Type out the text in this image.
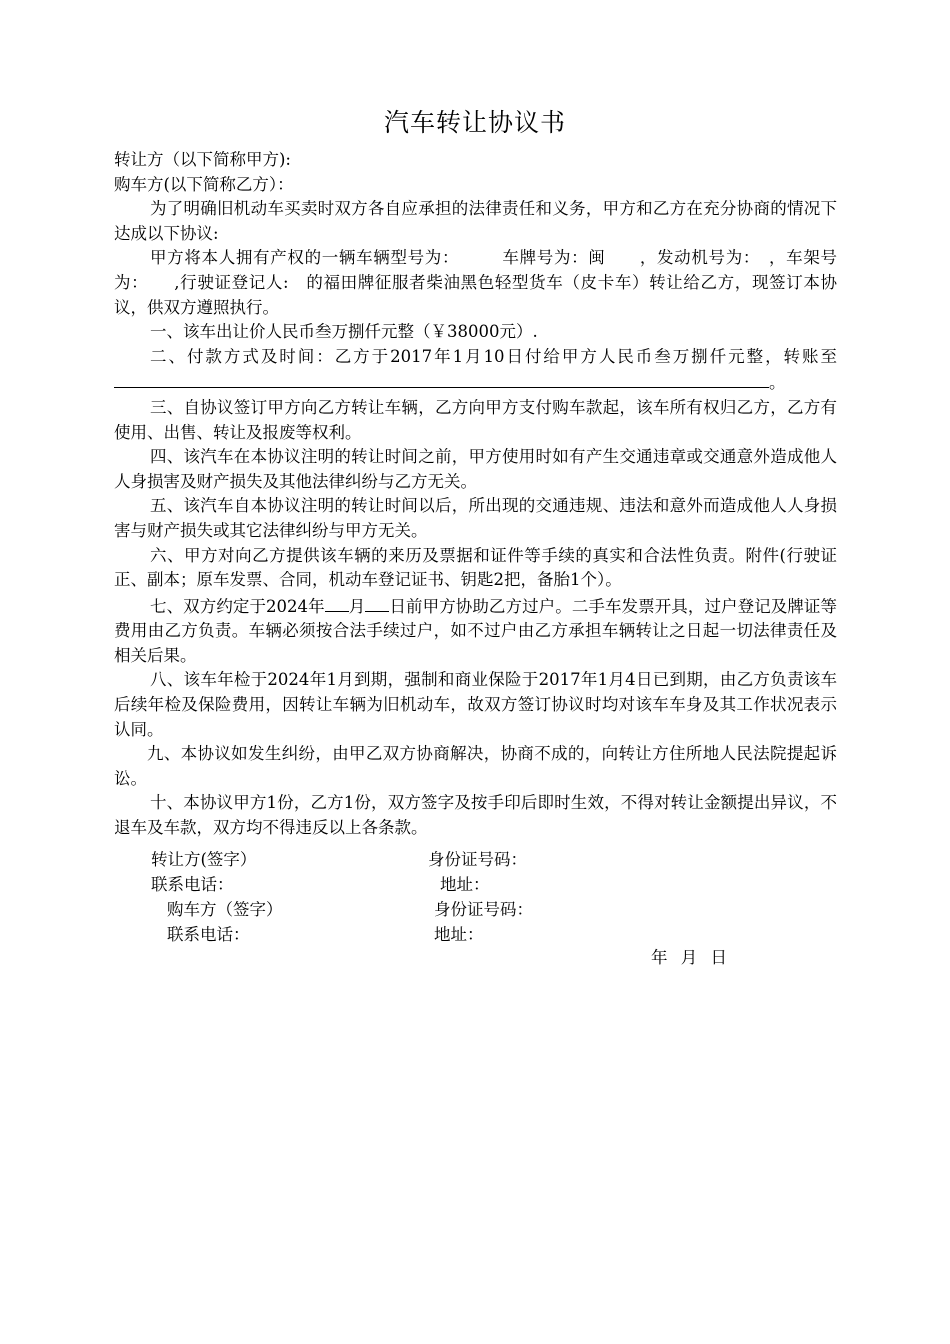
汽车转让协议书

转让方（以下简称甲方):

购车方(以下简称乙方）：

为了明确旧机动车买卖时双方各自应承担的法律责任和义务，甲方和乙方在充分协商的情况下达成以下协议:

甲方将本人拥有产权的一辆车辆型号为：　　　车牌号为：闽　　，发动机号为：　，车架号为：　　,行驶证登记人:　的福田牌征服者柴油黑色轻型货车（皮卡车）转让给乙方，现签订本协议，供双方遵照执行。

一、该车出让价人民币叁万捌仟元整（￥38000元）.

二、付款方式及时间：乙方于2017年1月10日付给甲方人民币叁万捌仟元整，转账至。

三、自协议签订甲方向乙方转让车辆，乙方向甲方支付购车款起，该车所有权归乙方，乙方有使用、出售、转让及报废等权利。

四、该汽车在本协议注明的转让时间之前，甲方使用时如有产生交通违章或交通意外造成他人人身损害及财产损失及其他法律纠纷与乙方无关。

五、该汽车自本协议注明的转让时间以后，所出现的交通违规、违法和意外而造成他人人身损害与财产损失或其它法律纠纷与甲方无关。

六、甲方对向乙方提供该车辆的来历及票据和证件等手续的真实和合法性负责。附件(行驶证正、副本；原车发票、合同，机动车登记证书、钥匙2把，备胎1个）。

七、双方约定于2024年 月 日前甲方协助乙方过户。二手车发票开具，过户登记及牌证等费用由乙方负责。车辆必须按合法手续过户，如不过户由乙方承担车辆转让之日起一切法律责任及相关后果。

八、该车年检于2024年1月到期，强制和商业保险于2017年1月4日已到期，由乙方负责该车后续年检及保险费用，因转让车辆为旧机动车，故双方签订协议时均对该车车身及其工作状况表示认同。

九、本协议如发生纠纷，由甲乙双方协商解决，协商不成的，向转让方住所地人民法院提起诉讼。

十、本协议甲方1份，乙方1份，双方签字及按手印后即时生效，不得对转让金额提出异议，不退车及车款，双方均不得违反以上各条款。

转让方(签字）	身份证号码：
联系电话：	地址：
购车方（签字）	身份证号码：
联系电话：	地址：
年 月 日
